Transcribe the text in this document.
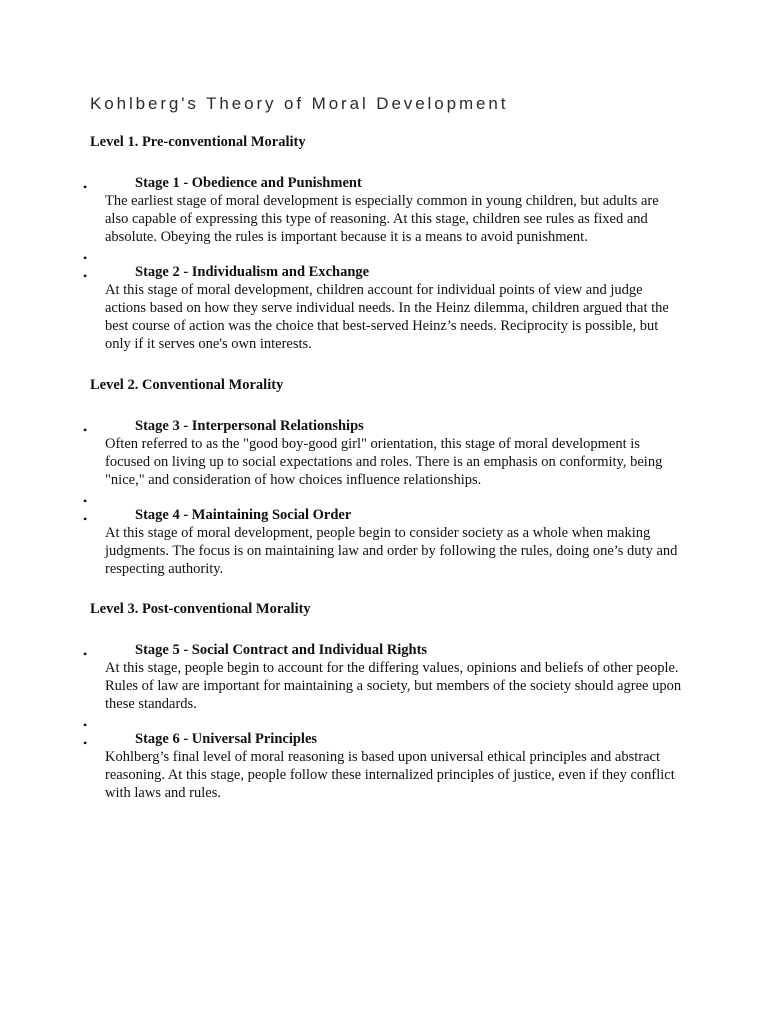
Kohlberg's Theory of Moral Development
Level 1. Pre-conventional Morality
•	Stage 1 - Obedience and Punishment

The earliest stage of moral development is especially common in young children, but adults are also capable of expressing this type of reasoning. At this stage, children see rules as fixed and absolute. Obeying the rules is important because it is a means to avoid punishment.

•
•	Stage 2 - Individualism and Exchange

At this stage of moral development, children account for individual points of view and judge actions based on how they serve individual needs. In the Heinz dilemma, children argued that the best course of action was the choice that best-served Heinz’s needs. Reciprocity is possible, but only if it serves one's own interests.

Level 2. Conventional Morality
•	Stage 3 - Interpersonal Relationships

Often referred to as the "good boy-good girl" orientation, this stage of moral development is focused on living up to social expectations and roles. There is an emphasis on conformity, being "nice," and consideration of how choices influence relationships.

•
•	Stage 4 - Maintaining Social Order

At this stage of moral development, people begin to consider society as a whole when making judgments. The focus is on maintaining law and order by following the rules, doing one’s duty and respecting authority.

Level 3. Post-conventional Morality
•	Stage 5 - Social Contract and Individual Rights

At this stage, people begin to account for the differing values, opinions and beliefs of other people. Rules of law are important for maintaining a society, but members of the society should agree upon these standards.

•
•	Stage 6 - Universal Principles

Kohlberg’s final level of moral reasoning is based upon universal ethical principles and abstract reasoning. At this stage, people follow these internalized principles of justice, even if they conflict with laws and rules.
